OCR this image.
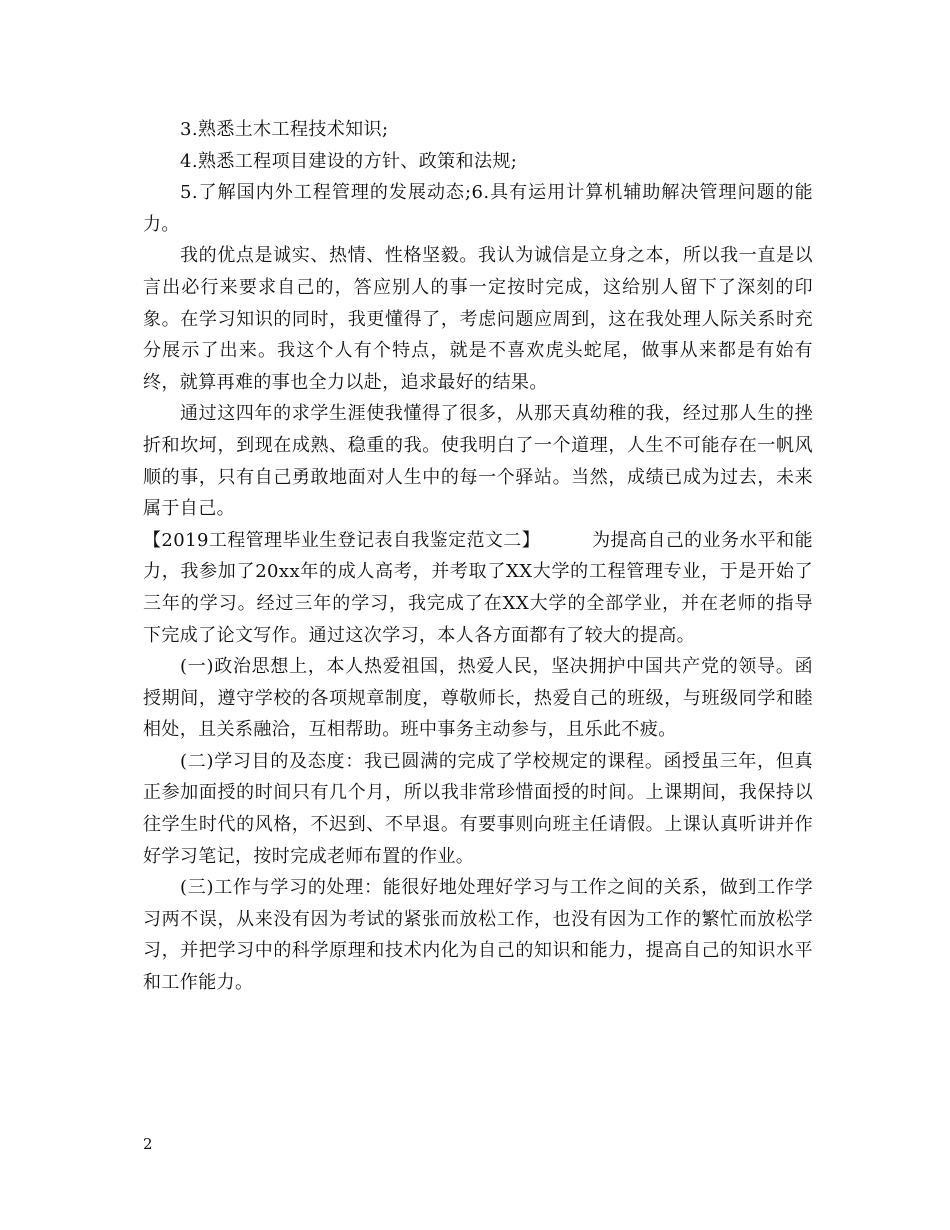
3.熟悉土木工程技术知识;

4.熟悉工程项目建设的方针、政策和法规;

5.了解国内外工程管理的发展动态;6.具有运用计算机辅助解决管理问题的能力。

我的优点是诚实、热情、性格坚毅。我认为诚信是立身之本，所以我一直是以言出必行来要求自己的，答应别人的事一定按时完成，这给别人留下了深刻的印象。在学习知识的同时，我更懂得了，考虑问题应周到，这在我处理人际关系时充分展示了出来。我这个人有个特点，就是不喜欢虎头蛇尾，做事从来都是有始有终，就算再难的事也全力以赴，追求最好的结果。

通过这四年的求学生涯使我懂得了很多，从那天真幼稚的我，经过那人生的挫折和坎坷，到现在成熟、稳重的我。使我明白了一个道理，人生不可能存在一帆风顺的事，只有自己勇敢地面对人生中的每一个驿站。当然，成绩已成为过去，未来属于自己。

【2019工程管理毕业生登记表自我鉴定范文二】	为提高自己的业务水平和能力，我参加了20xx年的成人高考，并考取了XX大学的工程管理专业，于是开始了三年的学习。经过三年的学习，我完成了在XX大学的全部学业，并在老师的指导下完成了论文写作。通过这次学习，本人各方面都有了较大的提高。

(一)政治思想上，本人热爱祖国，热爱人民，坚决拥护中国共产党的领导。函授期间，遵守学校的各项规章制度，尊敬师长，热爱自己的班级，与班级同学和睦相处，且关系融洽，互相帮助。班中事务主动参与，且乐此不疲。

(二)学习目的及态度：我已圆满的完成了学校规定的课程。函授虽三年，但真正参加面授的时间只有几个月，所以我非常珍惜面授的时间。上课期间，我保持以往学生时代的风格，不迟到、不早退。有要事则向班主任请假。上课认真听讲并作好学习笔记，按时完成老师布置的作业。

(三)工作与学习的处理：能很好地处理好学习与工作之间的关系，做到工作学习两不误，从来没有因为考试的紧张而放松工作，也没有因为工作的繁忙而放松学习，并把学习中的科学原理和技术内化为自己的知识和能力，提高自己的知识水平和工作能力。

2
